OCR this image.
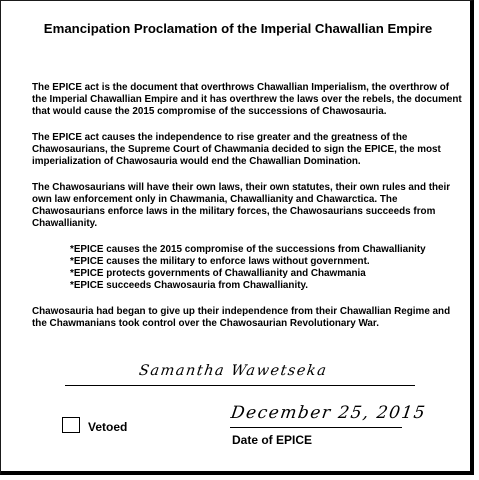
Emancipation Proclamation of the Imperial Chawallian Empire

The EPICE act is the document that overthrows Chawallian Imperialism, the overthrow of the Imperial Chawallian Empire and it has overthrew the laws over the rebels, the document that would cause the 2015 compromise of the successions of Chawosauria.

The EPICE act causes the independence to rise greater and the greatness of the Chawosaurians, the Supreme Court of Chawmania decided to sign the EPICE, the most imperialization of Chawosauria would end the Chawallian Domination.

The Chawosaurians will have their own laws, their own statutes, their own rules and their own law enforcement only in Chawmania, Chawallianity and Chawarctica. The Chawosaurians enforce laws in the military forces, the Chawosaurians succeeds from Chawallianity.

*EPICE causes the 2015 compromise of the successions from Chawallianity
*EPICE causes the military to enforce laws without government.
*EPICE protects governments of Chawallianity and Chawmania
*EPICE succeeds Chawosauria from Chawallianity.

Chawosauria had began to give up their independence from their Chawallian Regime and the Chawmanians took control over the Chawosaurian Revolutionary War.

Samantha Wawetseka
Vetoed
December 25, 2015
Date of EPICE
